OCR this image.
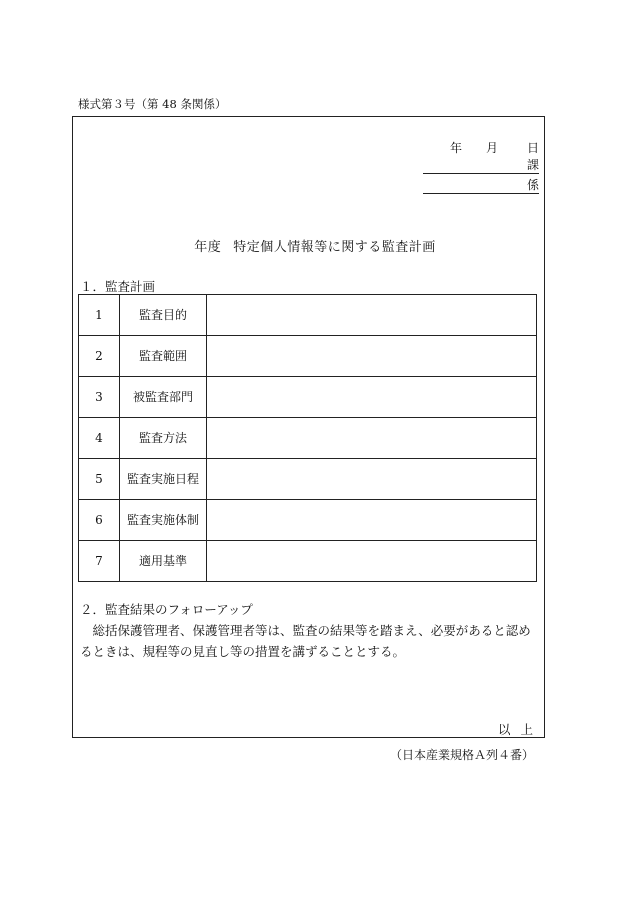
様式第３号（第 48 条関係）
年 月 日
課
係
年度 特定個人情報等に関する監査計画
１．監査計画
1	監査目的	
2	監査範囲	
3	被監査部門	
4	監査方法	
5	監査実施日程	
6	監査実施体制	
7	適用基準	
２．監査結果のフォローアップ
総括保護管理者、保護管理者等は、監査の結果等を踏まえ、必要があると認めるときは、規程等の見直し等の措置を講ずることとする。
以上
（日本産業規格Ａ列４番）
